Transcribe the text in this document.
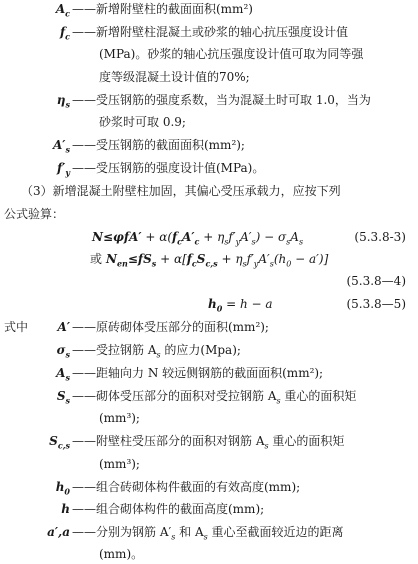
$A_c$ ——新增附壁柱的截面面积(mm²)
$f_c$ ——新增附壁柱混凝土或砂浆的轴心抗压强度设计值
(MPa)。砂浆的轴心抗压强度设计值可取为同等强
度等级混凝土设计值的70%;
$\eta_s$ ——受压钢筋的强度系数，当为混凝土时可取 1.0，当为
砂浆时可取 0.9;
$A'_s$ ——受压钢筋的截面面积(mm²);
$f'_y$ ——受压钢筋的强度设计值(MPa)。
（3）新增混凝土附壁柱加固，其偏心受压承载力，应按下列
公式验算：
$N\le\varphi fA' + \alpha(f_cA'_c + \eta_sf'_yA'_s) - \sigma_sA_s$	(5.3.8-3)
或 $N_{en}\le fS_s + \alpha[f_cS_{c,s} + \eta_sf'_yA'_s(h_0 - a')]$
(5.3.8—4)
$h_0 = h - a$	(5.3.8—5)
式中	A′ ——原砖砌体受压部分的面积(mm²);
$\sigma_s$ ——受拉钢筋 $A_s$ 的应力(Mpa);
$A_s$ ——距轴向力 N 较远侧钢筋的截面面积(mm²);
$S_s$ ——砌体受压部分的面积对受拉钢筋 $A_s$ 重心的面积矩
(mm³);
$S_{c,s}$ ——附壁柱受压部分的面积对钢筋 $A_s$ 重心的面积矩
(mm³);
$h_0$ ——组合砖砌体构件截面的有效高度(mm);
h ——组合砌体构件的截面高度(mm);
a′,a ——分别为钢筋 $A'_s$ 和 $A_s$ 重心至截面较近边的距离
(mm)。
